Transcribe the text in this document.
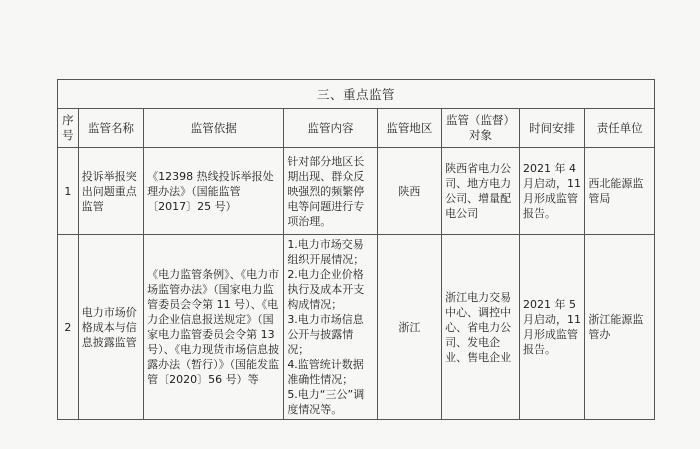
三、重点监管							
序号	监管名称	监管依据	监管内容	监管地区	监管（监督）对象	时间安排	责任单位
1	投诉举报突出问题重点监管	《12398 热线投诉举报处理办法》（国能监管〔2017〕25 号）	针对部分地区长期出现、群众反映强烈的频繁停电等问题进行专项治理。	陕西	陕西省电力公司、地方电力公司、增量配电公司	2021 年 4 月启动，11 月形成监管报告。	西北能源监管局
2	电力市场价格成本与信息披露监管	《电力监管条例》、《电力市场监管办法》（国家电力监管委员会令第 11 号）、《电力企业信息报送规定》（国家电力监管委员会令第 13 号）、《电力现货市场信息披露办法（暂行）》（国能发监管〔2020〕56 号）等	1.电力市场交易组织开展情况；
2.电力企业价格执行及成本开支构成情况；
3.电力市场信息公开与披露情况；
4.监管统计数据准确性情况；
5.电力“三公”调度情况等。	浙江	浙江电力交易中心、调控中心、省电力公司、发电企业、售电企业	2021 年 5 月启动，11 月形成监管报告。	浙江能源监管办
